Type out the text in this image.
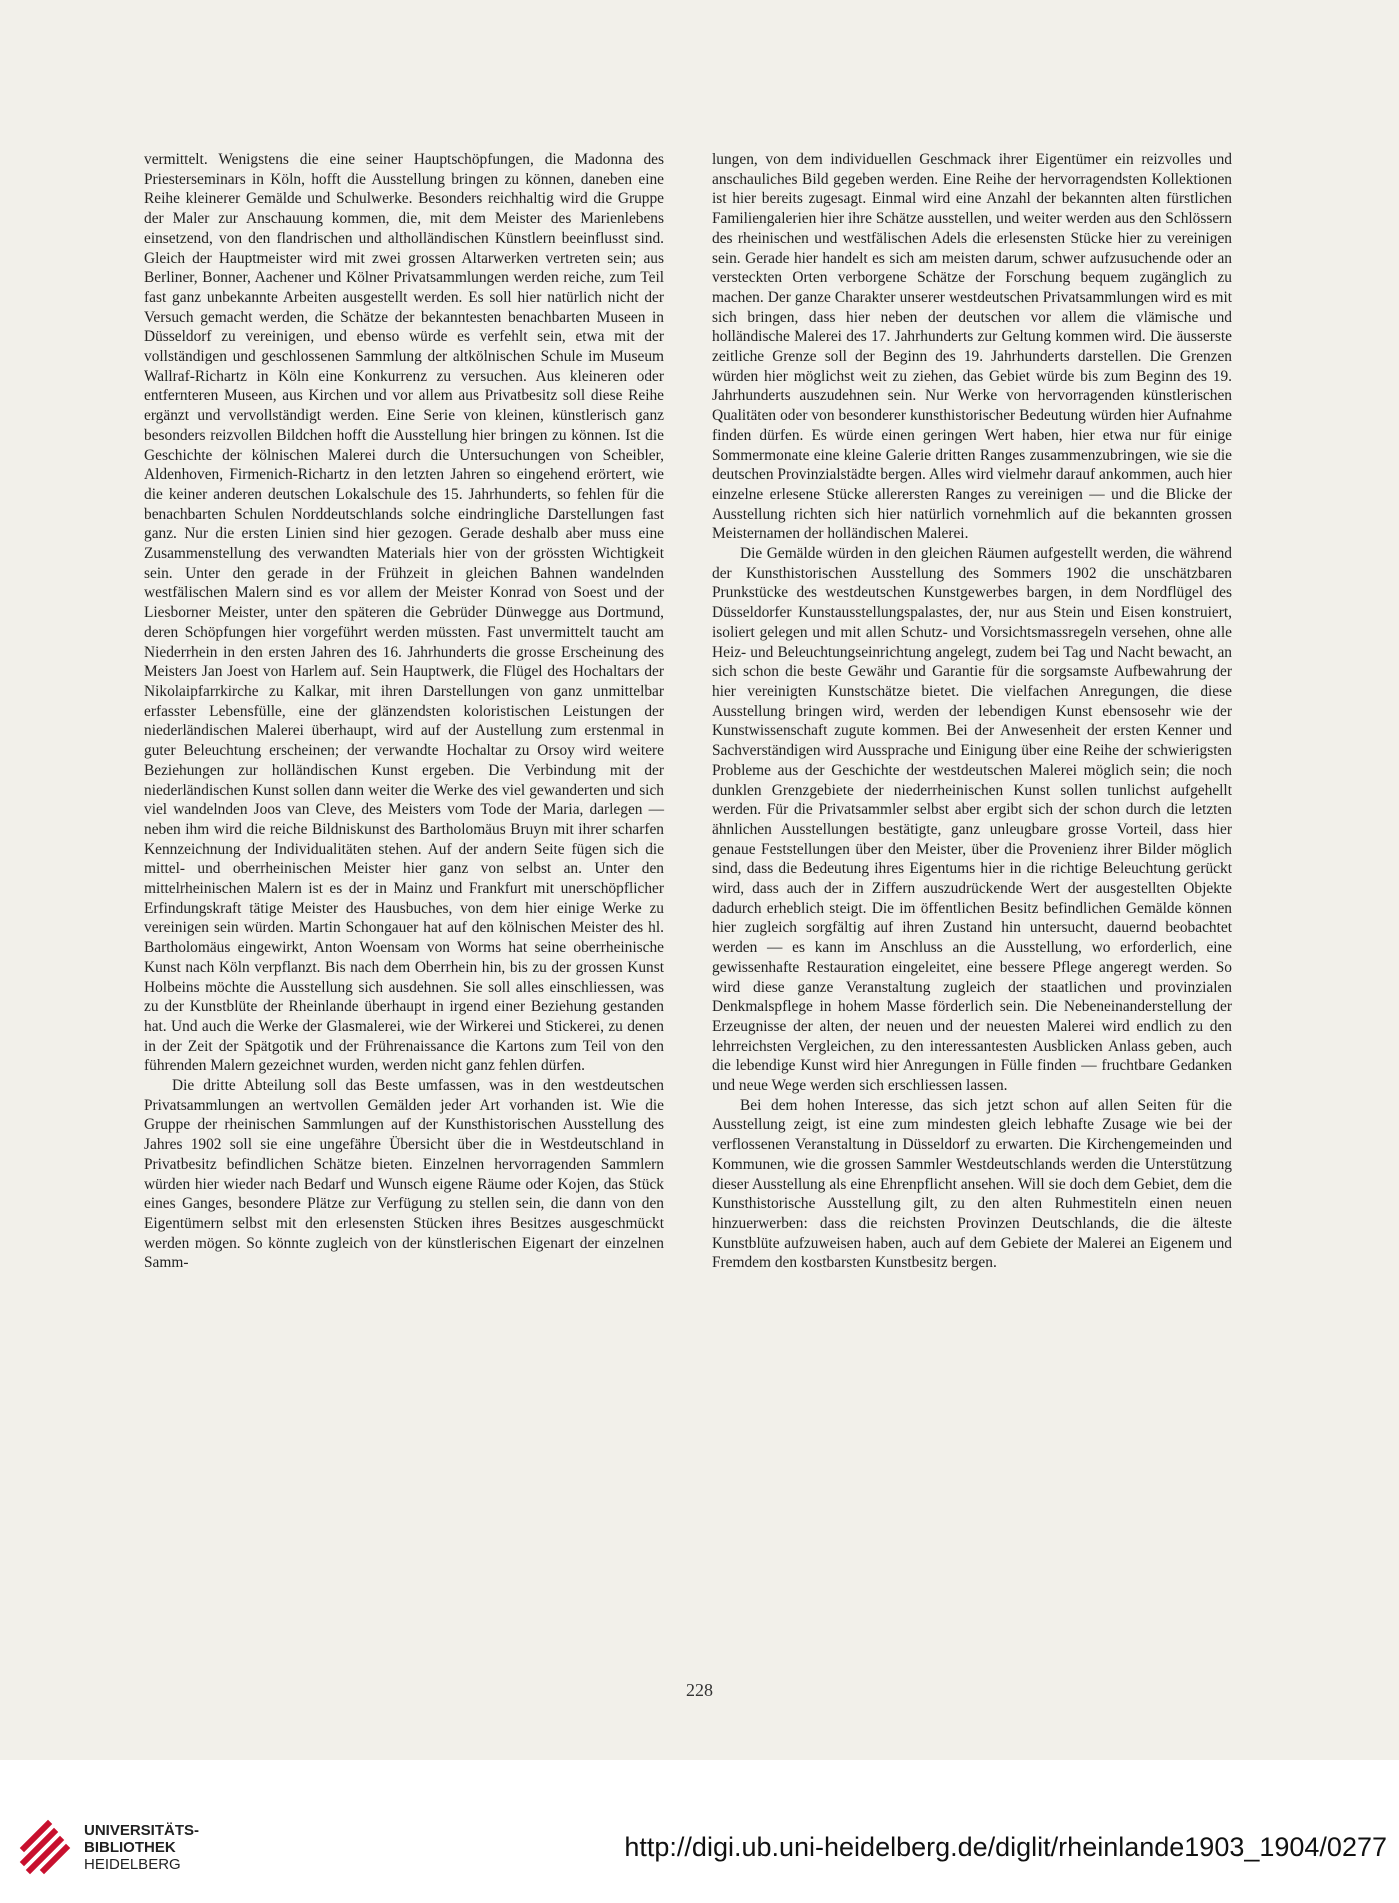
vermittelt. Wenigstens die eine seiner Hauptschöpfungen, die Madonna des Priesterseminars in Köln, hofft die Ausstellung bringen zu können, daneben eine Reihe kleinerer Gemälde und Schulwerke. Besonders reichhaltig wird die Gruppe der Maler zur Anschauung kommen, die, mit dem Meister des Marienlebens einsetzend, von den flandrischen und altholländischen Künstlern beeinflusst sind. Gleich der Hauptmeister wird mit zwei grossen Altarwerken vertreten sein; aus Berliner, Bonner, Aachener und Kölner Privatsammlungen werden reiche, zum Teil fast ganz unbekannte Arbeiten ausgestellt werden. Es soll hier natürlich nicht der Versuch gemacht werden, die Schätze der bekanntesten benachbarten Museen in Düsseldorf zu vereinigen, und ebenso würde es verfehlt sein, etwa mit der vollständigen und geschlossenen Sammlung der altkölnischen Schule im Museum Wallraf-Richartz in Köln eine Konkurrenz zu versuchen. Aus kleineren oder entfernteren Museen, aus Kirchen und vor allem aus Privatbesitz soll diese Reihe ergänzt und vervollständigt werden. Eine Serie von kleinen, künstlerisch ganz besonders reizvollen Bildchen hofft die Ausstellung hier bringen zu können. Ist die Geschichte der kölnischen Malerei durch die Untersuchungen von Scheibler, Aldenhoven, Firmenich-Richartz in den letzten Jahren so eingehend erörtert, wie die keiner anderen deutschen Lokalschule des 15. Jahrhunderts, so fehlen für die benachbarten Schulen Norddeutschlands solche eindringliche Darstellungen fast ganz. Nur die ersten Linien sind hier gezogen. Gerade deshalb aber muss eine Zusammenstellung des verwandten Materials hier von der grössten Wichtigkeit sein. Unter den gerade in der Frühzeit in gleichen Bahnen wandelnden westfälischen Malern sind es vor allem der Meister Konrad von Soest und der Liesborner Meister, unter den späteren die Gebrüder Dünwegge aus Dortmund, deren Schöpfungen hier vorgeführt werden müssten. Fast unvermittelt taucht am Niederrhein in den ersten Jahren des 16. Jahrhunderts die grosse Erscheinung des Meisters Jan Joest von Harlem auf. Sein Hauptwerk, die Flügel des Hochaltars der Nikolaipfarrkirche zu Kalkar, mit ihren Darstellungen von ganz unmittelbar erfasster Lebensfülle, eine der glänzendsten koloristischen Leistungen der niederländischen Malerei überhaupt, wird auf der Austellung zum erstenmal in guter Beleuchtung erscheinen; der verwandte Hochaltar zu Orsoy wird weitere Beziehungen zur holländischen Kunst ergeben. Die Verbindung mit der niederländischen Kunst sollen dann weiter die Werke des viel gewanderten und sich viel wandelnden Joos van Cleve, des Meisters vom Tode der Maria, darlegen — neben ihm wird die reiche Bildniskunst des Bartholomäus Bruyn mit ihrer scharfen Kennzeichnung der Individualitäten stehen. Auf der andern Seite fügen sich die mittel- und oberrheinischen Meister hier ganz von selbst an. Unter den mittelrheinischen Malern ist es der in Mainz und Frankfurt mit unerschöpflicher Erfindungskraft tätige Meister des Hausbuches, von dem hier einige Werke zu vereinigen sein würden. Martin Schongauer hat auf den kölnischen Meister des hl. Bartholomäus eingewirkt, Anton Woensam von Worms hat seine oberrheinische Kunst nach Köln verpflanzt. Bis nach dem Oberrhein hin, bis zu der grossen Kunst Holbeins möchte die Ausstellung sich ausdehnen. Sie soll alles einschliessen, was zu der Kunstblüte der Rheinlande überhaupt in irgend einer Beziehung gestanden hat. Und auch die Werke der Glasmalerei, wie der Wirkerei und Stickerei, zu denen in der Zeit der Spätgotik und der Frührenaissance die Kartons zum Teil von den führenden Malern gezeichnet wurden, werden nicht ganz fehlen dürfen.

Die dritte Abteilung soll das Beste umfassen, was in den westdeutschen Privatsammlungen an wertvollen Gemälden jeder Art vorhanden ist. Wie die Gruppe der rheinischen Sammlungen auf der Kunsthistorischen Ausstellung des Jahres 1902 soll sie eine ungefähre Übersicht über die in Westdeutschland in Privatbesitz befindlichen Schätze bieten. Einzelnen hervorragenden Sammlern würden hier wieder nach Bedarf und Wunsch eigene Räume oder Kojen, das Stück eines Ganges, besondere Plätze zur Verfügung zu stellen sein, die dann von den Eigentümern selbst mit den erlesensten Stücken ihres Besitzes ausgeschmückt werden mögen. So könnte zugleich von der künstlerischen Eigenart der einzelnen Samm-

lungen, von dem individuellen Geschmack ihrer Eigentümer ein reizvolles und anschauliches Bild gegeben werden. Eine Reihe der hervorragendsten Kollektionen ist hier bereits zugesagt. Einmal wird eine Anzahl der bekannten alten fürstlichen Familiengalerien hier ihre Schätze ausstellen, und weiter werden aus den Schlössern des rheinischen und westfälischen Adels die erlesensten Stücke hier zu vereinigen sein. Gerade hier handelt es sich am meisten darum, schwer aufzusuchende oder an versteckten Orten verborgene Schätze der Forschung bequem zugänglich zu machen. Der ganze Charakter unserer westdeutschen Privatsammlungen wird es mit sich bringen, dass hier neben der deutschen vor allem die vlämische und holländische Malerei des 17. Jahrhunderts zur Geltung kommen wird. Die äusserste zeitliche Grenze soll der Beginn des 19. Jahrhunderts darstellen. Die Grenzen würden hier möglichst weit zu ziehen, das Gebiet würde bis zum Beginn des 19. Jahrhunderts auszudehnen sein. Nur Werke von hervorragenden künstlerischen Qualitäten oder von besonderer kunsthistorischer Bedeutung würden hier Aufnahme finden dürfen. Es würde einen geringen Wert haben, hier etwa nur für einige Sommermonate eine kleine Galerie dritten Ranges zusammenzubringen, wie sie die deutschen Provinzialstädte bergen. Alles wird vielmehr darauf ankommen, auch hier einzelne erlesene Stücke allerersten Ranges zu vereinigen — und die Blicke der Ausstellung richten sich hier natürlich vornehmlich auf die bekannten grossen Meisternamen der holländischen Malerei.

Die Gemälde würden in den gleichen Räumen aufgestellt werden, die während der Kunsthistorischen Ausstellung des Sommers 1902 die unschätzbaren Prunkstücke des westdeutschen Kunstgewerbes bargen, in dem Nordflügel des Düsseldorfer Kunstausstellungspalastes, der, nur aus Stein und Eisen konstruiert, isoliert gelegen und mit allen Schutz- und Vorsichtsmassregeln versehen, ohne alle Heiz- und Beleuchtungseinrichtung angelegt, zudem bei Tag und Nacht bewacht, an sich schon die beste Gewähr und Garantie für die sorgsamste Aufbewahrung der hier vereinigten Kunstschätze bietet. Die vielfachen Anregungen, die diese Ausstellung bringen wird, werden der lebendigen Kunst ebensosehr wie der Kunstwissenschaft zugute kommen. Bei der Anwesenheit der ersten Kenner und Sachverständigen wird Aussprache und Einigung über eine Reihe der schwierigsten Probleme aus der Geschichte der westdeutschen Malerei möglich sein; die noch dunklen Grenzgebiete der niederrheinischen Kunst sollen tunlichst aufgehellt werden. Für die Privatsammler selbst aber ergibt sich der schon durch die letzten ähnlichen Ausstellungen bestätigte, ganz unleugbare grosse Vorteil, dass hier genaue Feststellungen über den Meister, über die Provenienz ihrer Bilder möglich sind, dass die Bedeutung ihres Eigentums hier in die richtige Beleuchtung gerückt wird, dass auch der in Ziffern auszudrückende Wert der ausgestellten Objekte dadurch erheblich steigt. Die im öffentlichen Besitz befindlichen Gemälde können hier zugleich sorgfältig auf ihren Zustand hin untersucht, dauernd beobachtet werden — es kann im Anschluss an die Ausstellung, wo erforderlich, eine gewissenhafte Restauration eingeleitet, eine bessere Pflege angeregt werden. So wird diese ganze Veranstaltung zugleich der staatlichen und provinzialen Denkmalspflege in hohem Masse förderlich sein. Die Nebeneinanderstellung der Erzeugnisse der alten, der neuen und der neuesten Malerei wird endlich zu den lehrreichsten Vergleichen, zu den interessantesten Ausblicken Anlass geben, auch die lebendige Kunst wird hier Anregungen in Fülle finden — fruchtbare Gedanken und neue Wege werden sich erschliessen lassen.

Bei dem hohen Interesse, das sich jetzt schon auf allen Seiten für die Ausstellung zeigt, ist eine zum mindesten gleich lebhafte Zusage wie bei der verflossenen Veranstaltung in Düsseldorf zu erwarten. Die Kirchengemeinden und Kommunen, wie die grossen Sammler Westdeutschlands werden die Unterstützung dieser Ausstellung als eine Ehrenpflicht ansehen. Will sie doch dem Gebiet, dem die Kunsthistorische Ausstellung gilt, zu den alten Ruhmestiteln einen neuen hinzuerwerben: dass die reichsten Provinzen Deutschlands, die die älteste Kunstblüte aufzuweisen haben, auch auf dem Gebiete der Malerei an Eigenem und Fremdem den kostbarsten Kunstbesitz bergen.

228
UNIVERSITÄTS-
BIBLIOTHEK
HEIDELBERG
http://digi.ub.uni-heidelberg.de/diglit/rheinlande1903_1904/0277
